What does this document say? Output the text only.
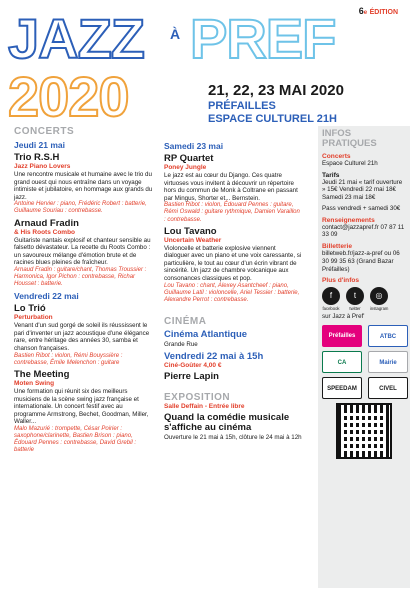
6e ÉDITION
JAZZ À PREF
2020	21, 22, 23 MAI 2020
PRÉFAILLES
ESPACE CULTUREL 21H
CONCERTS
Jeudi 21 mai
Trio R.S.H
Jazz Piano Lovers
Une rencontre musicale et humaine avec le trio du grand ouest qui nous entraîne dans un voyage intimiste et jubilatoire, en hommage aux grands du jazz.
Antoine Hervier : piano, Frédéric Robert : batterie, Guillaume Souriau : contrebasse.
Arnaud Fradin
& His Roots Combo
Guitariste nantais explosif et chanteur sensible au falsetto dévastateur. La recette du Roots Combo : un savoureux mélange d'émotion brute et de racines blues pleines de fraîcheur.
Arnaud Fradin : guitare/chant, Thomas Troussier : Harmonica, Igor Pichon : contrebasse, Richar Housset : batterie.
Vendredi 22 mai
Lo Trió
Perturbation
Venant d'un sud gorgé de soleil ils réussissent le pari d'inventer un jazz acoustique d'une élégance rare, entre héritage des années 30, samba et chanson françaises.
Bastien Ribot : violon, Rémi Bouyssière : contrebasse, Émile Melenchon : guitare
The Meeting
Moten Swing
Une formation qui réunit six des meilleurs musiciens de la scène swing jazz française et internationale. Un concert festif avec au programme Armstrong, Bechet, Goodman, Miller, Waller...
Malo Mazurié : trompette, César Poirier : saxophone/clarinette, Bastien Brison : piano, Édouard Pennes : contrebasse, David Grebil : batterie
Samedi 23 mai
RP Quartet
Poney Jungle
Le jazz est au cœur du Django. Ces quatre virtuoses vous invitent à découvrir un répertoire hors du commun de Monk à Coltrane en passant par Mingus, Shorter et... Bernstein.
Bastien Ribot : violon, Édouard Pennes : guitare, Rémi Oswald : guitare rythmique, Damien Varaillon : contrebasse.
Lou Tavano
Uncertain Weather
Violoncelle et batterie explosive viennent dialoguer avec un piano et une voix caressante, si particulière, le tout au cœur d'un écrin vibrant de sincérité. Un jazz de chambre volcanique aux consonances classiques et pop.
Lou Tavano : chant, Alexey Asantcheef : piano, Guillaume Latil : violoncelle, Ariel Tessier : batterie, Alexandre Perrot : contrebasse.
CINÉMA
Cinéma Atlantique
Grande Rue
Vendredi 22 mai à 15h
Ciné-Goûter 4,00 €
Pierre Lapin
EXPOSITION
Salle Deffain - Entrée libre
Quand la comédie musicale s'affiche au cinéma
Ouverture le 21 mai à 15h, clôture le 24 mai à 12h
INFOS
PRATIQUES
Concerts
Espace Culturel 21h
Tarifs
Jeudi 21 mai « tarif ouverture » 15€ Vendredi 22 mai 18€ Samedi 23 mai 18€
Pass vendredi + samedi 30€
Renseignements
contact@jazzapref.fr 07 87 11 33 09
Billetterie
billetweb.fr/jazz-a-pref ou 06 30 99 35 63 (Grand Bazar Préfailles)
Plus d'infos
f	t	◎
facebook	twitter	instagram
sur Jazz à Pref'
Préfailles	ATBC
CA	Mairie
SPEEDAM	CIVEL
